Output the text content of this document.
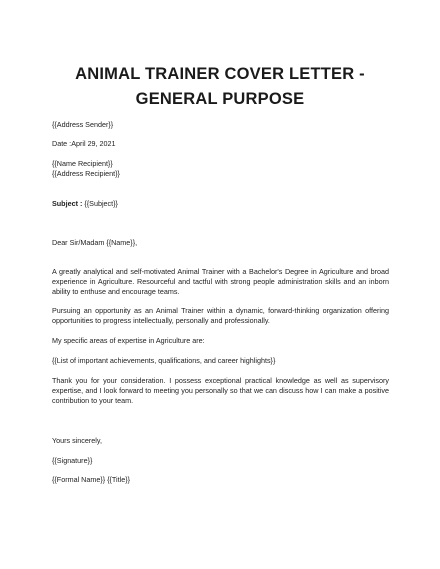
ANIMAL TRAINER COVER LETTER -
GENERAL PURPOSE
{{Address Sender}}
Date :April 29, 2021
{{Name Recipient}}
{{Address Recipient}}
Subject : {{Subject}}
Dear Sir/Madam {{Name}},
A greatly analytical and self-motivated Animal Trainer with a Bachelor's Degree in Agriculture and broad experience in Agriculture. Resourceful and tactful with strong people administration skills and an inborn ability to enthuse and encourage teams.
Pursuing an opportunity as an Animal Trainer within a dynamic, forward-thinking organization offering opportunities to progress intellectually, personally and professionally.
My specific areas of expertise in Agriculture are:
{{List of important achievements, qualifications, and career highlights}}
Thank you for your consideration. I possess exceptional practical knowledge as well as supervisory expertise, and I look forward to meeting you personally so that we can discuss how I can make a positive contribution to your team.
Yours sincerely,
{{Signature}}
{{Formal Name}} {{Title}}
